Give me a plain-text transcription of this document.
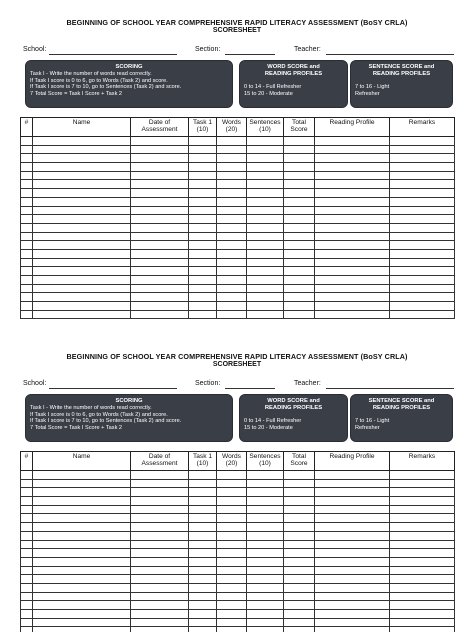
BEGINNING OF SCHOOL YEAR COMPREHENSIVE RAPID LITERACY ASSESSMENT (BoSY CRLA)
SCORESHEET
School:	Section:	Teacher:
SCORING
Task I - Write the number of words read correctly.
If Task I score is 0 to 6, go to Words (Task 2) and score.
If Task I score is 7 to 10, go to Sentences (Task 2) and score.
7 Total Score = Task I Score + Task 2
WORD SCORE and
READING PROFILES
0 to 14 - Full Refresher
15 to 20 - Moderate
SENTENCE SCORE and
READING PROFILES
7 to 16 - Light
Refresher
#	Name	Date of Assessment	Task 1 (10)	Words (20)	Sentences (10)	Total Score	Reading Profile	Remarks

BEGINNING OF SCHOOL YEAR COMPREHENSIVE RAPID LITERACY ASSESSMENT (BoSY CRLA)
SCORESHEET
School:	Section:	Teacher:
SCORING
Task I - Write the number of words read correctly.
If Task I score is 0 to 6, go to Words (Task 2) and score.
If Task I score is 7 to 10, go to Sentences (Task 2) and score.
7 Total Score = Task I Score + Task 2
WORD SCORE and
READING PROFILES
0 to 14 - Full Refresher
15 to 20 - Moderate
SENTENCE SCORE and
READING PROFILES
7 to 16 - Light
Refresher
#	Name	Date of Assessment	Task 1 (10)	Words (20)	Sentences (10)	Total Score	Reading Profile	Remarks
